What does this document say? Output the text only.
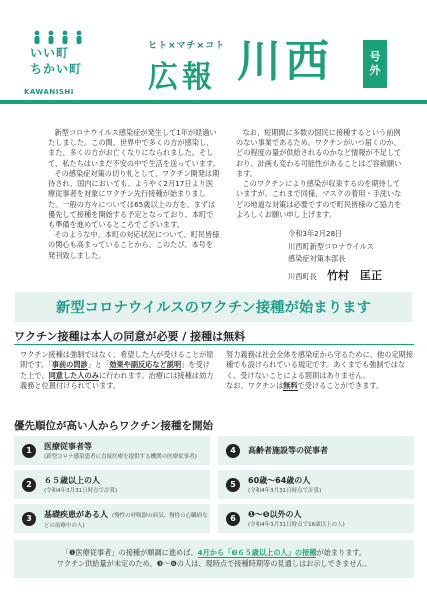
いい町
ちかい町
KAWANISHI
ヒト×マチ×コト
広報 川西	号
外

新型コロナウイルス感染症が発生して1年が経過いたしました。この間、世界中で多くの方が感染し、また、多くの方がお亡くなりになられました。そして、私たちはいまだ不安の中で生活を送っています。

その感染症対策の切り札として、ワクチン開発は期待され、国内においても、ようやく2月17日より医療従事者を対象にワクチン先行接種が始まりました。一般の方々については65歳以上の方を、まずは優先して接種を開始する予定となっており、本町でも準備を進めているところでございます。

そのような中、本町の対応状況について、町民皆様の関心も高まっていることから、このたび、本号を発刊致しました。

なお、短期間に多数の国民に接種するという前例のない事業であるため、ワクチンがいつ届くのか、どの程度の量が供給されるのかなど情報が不足しており、計画も変わる可能性があることはご容赦願います。

このワクチンにより感染が収束するのを期待していますが、これまで同様、マスクの着用・手洗いなどの地道な対策は必要ですので町民皆様のご協力をよろしくお願い申し上げます。

令和3年2月28日
川西町新型コロナウイルス
感染症対策本部長
川西町長 竹村　匡正
新型コロナウイルスのワクチン接種が始まります
ワクチン接種は本人の同意が必要 / 接種は無料
ワクチン接種は強制ではなく、希望した人が受けることが原則です。「事前の問診」と「効果や副反応など説明」を受けた上で、同意した人のみに行われます。治療には接種は効力義務と位置付けられています。
努力義務は社会全体を感染症から守るために、他の定期接種でも設けられている規定です。あくまでも強制ではなく、受けないことによる罰則はありません。
なお、ワクチンは無料で受けることができます。
優先順位が高い人からワクチン接種を開始
1	医療従事者等
(新型コロナ感染患者に直接医療を提供する機関の医療従事者)
2	６５歳以上の人
(令和4年3月31日時点で計算)
3	基礎疾患がある人 (慢性の呼吸器の病気、慢性の心臓病などの治療中の人)
4	高齢者施設等の従事者
5	60歳～64歳の人
(令和4年3月31日時点で計算)
6	❶～❺以外の人
(令和4年3月31日時点で16歳以上の人)
「❶医療従事者」の接種が順調に進めば、4月から「❷６５歳以上の人」の接種が始まります。
ワクチン供給量が未定のため、❸～❻の人は、現時点で接種時期等の見通しはお示しできません。
